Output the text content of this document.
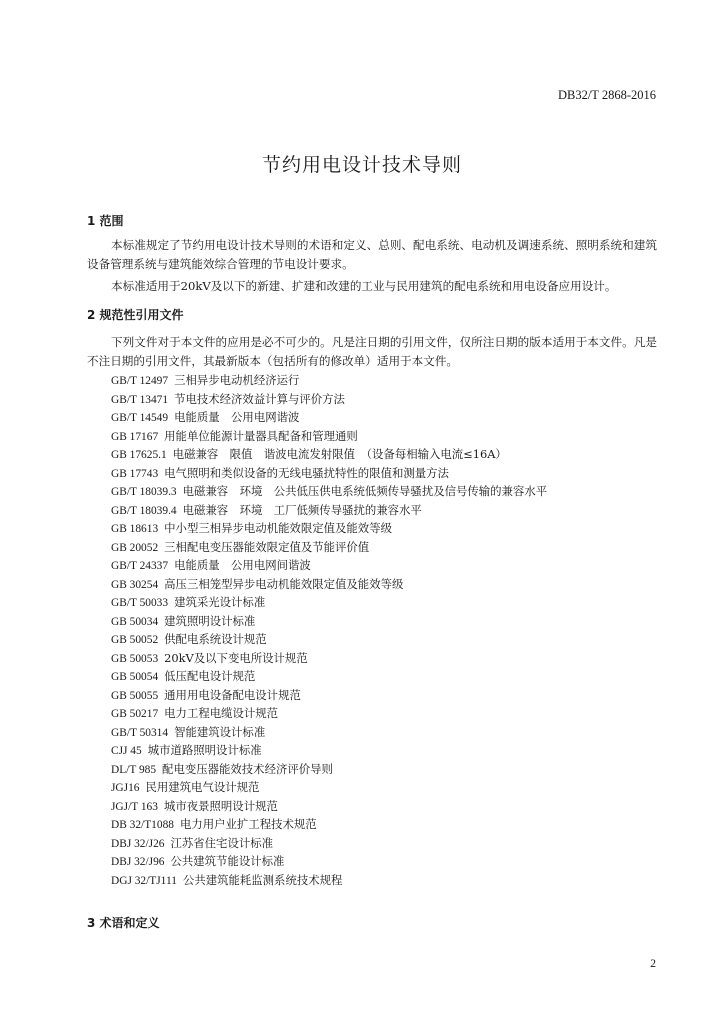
DB32/T 2868-2016
节约用电设计技术导则
1 范围
本标准规定了节约用电设计技术导则的术语和定义、总则、配电系统、电动机及调速系统、照明系统和建筑设备管理系统与建筑能效综合管理的节电设计要求。
本标准适用于20kV及以下的新建、扩建和改建的工业与民用建筑的配电系统和用电设备应用设计。
2 规范性引用文件
下列文件对于本文件的应用是必不可少的。凡是注日期的引用文件，仅所注日期的版本适用于本文件。凡是不注日期的引用文件，其最新版本（包括所有的修改单）适用于本文件。
GB/T 12497 三相异步电动机经济运行
GB/T 13471 节电技术经济效益计算与评价方法
GB/T 14549 电能质量　公用电网谐波
GB 17167 用能单位能源计量器具配备和管理通则
GB 17625.1 电磁兼容　限值　谐波电流发射限值　（设备每相输入电流≤16A）
GB 17743 电气照明和类似设备的无线电骚扰特性的限值和测量方法
GB/T 18039.3 电磁兼容　环境　公共低压供电系统低频传导骚扰及信号传输的兼容水平
GB/T 18039.4 电磁兼容　环境　工厂低频传导骚扰的兼容水平
GB 18613 中小型三相异步电动机能效限定值及能效等级
GB 20052 三相配电变压器能效限定值及节能评价值
GB/T 24337 电能质量　公用电网间谐波
GB 30254 高压三相笼型异步电动机能效限定值及能效等级
GB/T 50033 建筑采光设计标准
GB 50034 建筑照明设计标准
GB 50052 供配电系统设计规范
GB 50053 20kV及以下变电所设计规范
GB 50054 低压配电设计规范
GB 50055 通用用电设备配电设计规范
GB 50217 电力工程电缆设计规范
GB/T 50314 智能建筑设计标准
CJJ 45 城市道路照明设计标准
DL/T 985 配电变压器能效技术经济评价导则
JGJ16 民用建筑电气设计规范
JGJ/T 163 城市夜景照明设计规范
DB 32/T1088 电力用户业扩工程技术规范
DBJ 32/J26 江苏省住宅设计标准
DBJ 32/J96 公共建筑节能设计标准
DGJ 32/TJ111 公共建筑能耗监测系统技术规程
3 术语和定义
2
